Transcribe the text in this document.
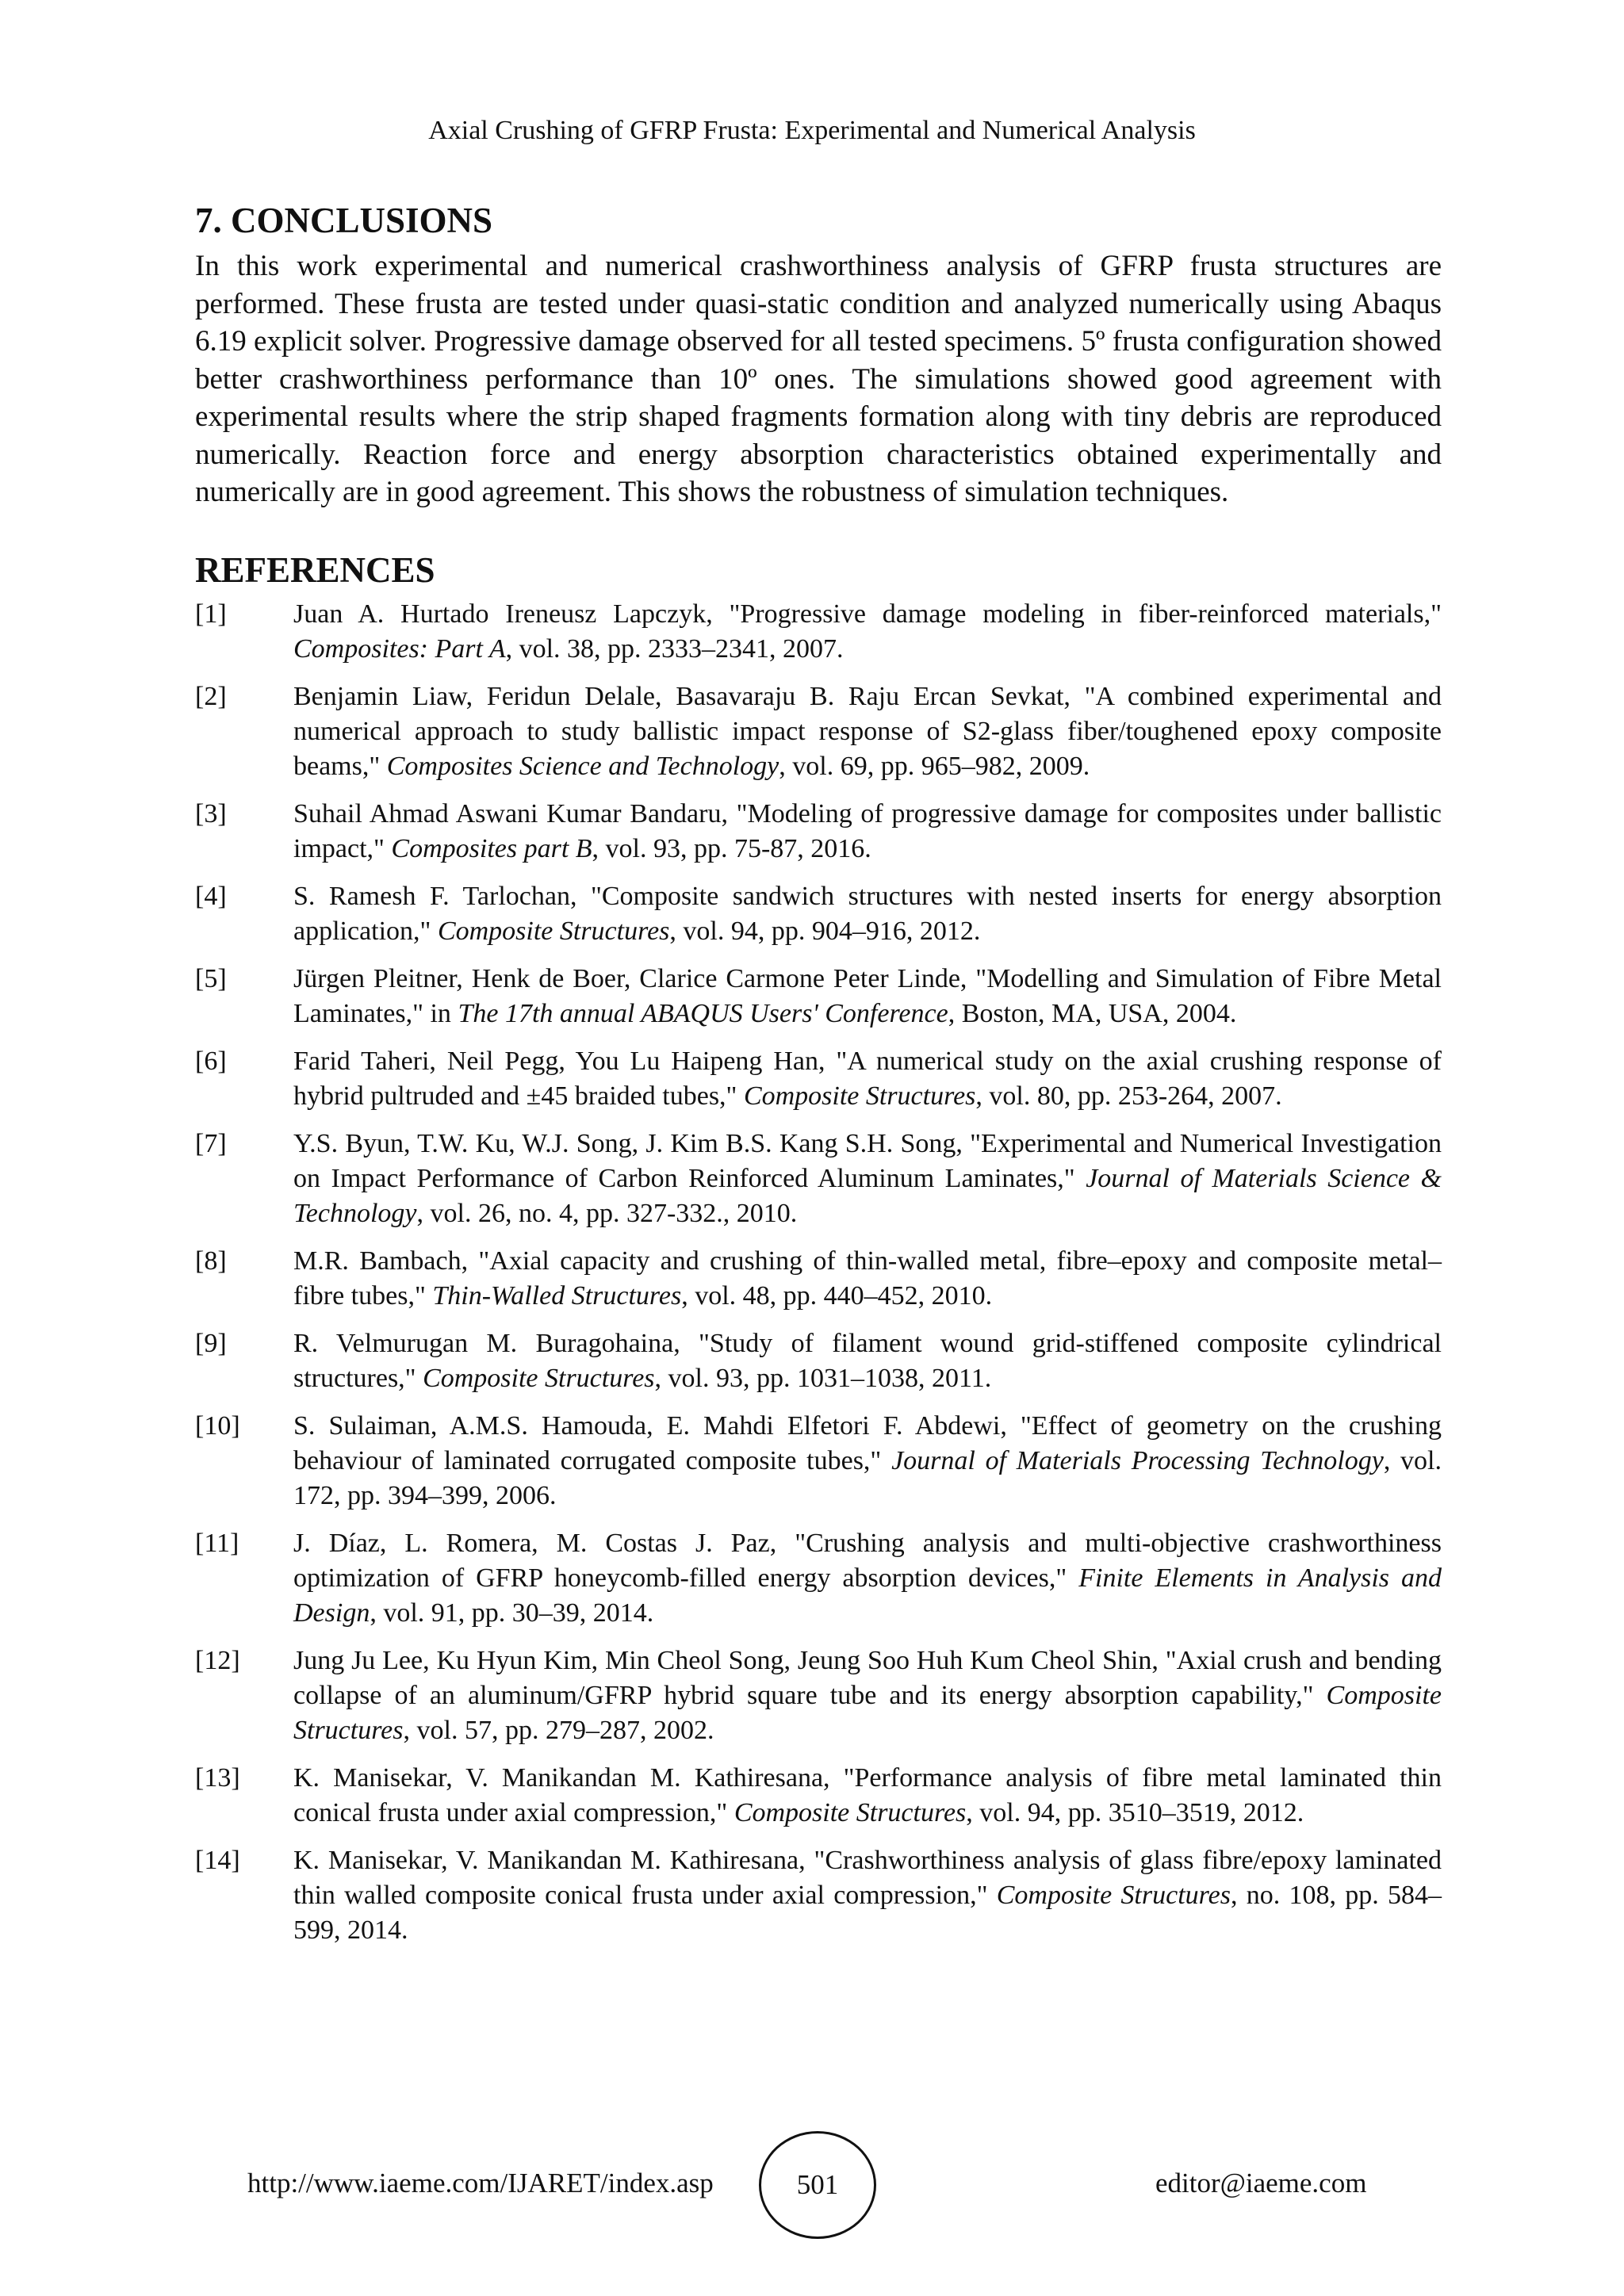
Axial Crushing of GFRP Frusta: Experimental and Numerical Analysis
7. CONCLUSIONS

In this work experimental and numerical crashworthiness analysis of GFRP frusta structures are performed. These frusta are tested under quasi-static condition and analyzed numerically using Abaqus 6.19 explicit solver. Progressive damage observed for all tested specimens. 5º frusta configuration showed better crashworthiness performance than 10º ones. The simulations showed good agreement with experimental results where the strip shaped fragments formation along with tiny debris are reproduced numerically. Reaction force and energy absorption characteristics obtained experimentally and numerically are in good agreement. This shows the robustness of simulation techniques.

REFERENCES
[1]	Juan A. Hurtado Ireneusz Lapczyk, "Progressive damage modeling in fiber-reinforced materials," Composites: Part A, vol. 38, pp. 2333–2341, 2007.
[2]	Benjamin Liaw, Feridun Delale, Basavaraju B. Raju Ercan Sevkat, "A combined experimental and numerical approach to study ballistic impact response of S2-glass fiber/toughened epoxy composite beams," Composites Science and Technology, vol. 69, pp. 965–982, 2009.
[3]	Suhail Ahmad Aswani Kumar Bandaru, "Modeling of progressive damage for composites under ballistic impact," Composites part B, vol. 93, pp. 75-87, 2016.
[4]	S. Ramesh F. Tarlochan, "Composite sandwich structures with nested inserts for energy absorption application," Composite Structures, vol. 94, pp. 904–916, 2012.
[5]	Jürgen Pleitner, Henk de Boer, Clarice Carmone Peter Linde, "Modelling and Simulation of Fibre Metal Laminates," in The 17th annual ABAQUS Users' Conference, Boston, MA, USA, 2004.
[6]	Farid Taheri, Neil Pegg, You Lu Haipeng Han, "A numerical study on the axial crushing response of hybrid pultruded and ±45 braided tubes," Composite Structures, vol. 80, pp. 253-264, 2007.
[7]	Y.S. Byun, T.W. Ku, W.J. Song, J. Kim B.S. Kang S.H. Song, "Experimental and Numerical Investigation on Impact Performance of Carbon Reinforced Aluminum Laminates," Journal of Materials Science & Technology, vol. 26, no. 4, pp. 327-332., 2010.
[8]	M.R. Bambach, "Axial capacity and crushing of thin-walled metal, fibre–epoxy and composite metal–fibre tubes," Thin-Walled Structures, vol. 48, pp. 440–452, 2010.
[9]	R. Velmurugan M. Buragohaina, "Study of filament wound grid-stiffened composite cylindrical structures," Composite Structures, vol. 93, pp. 1031–1038, 2011.
[10]	S. Sulaiman, A.M.S. Hamouda, E. Mahdi Elfetori F. Abdewi, "Effect of geometry on the crushing behaviour of laminated corrugated composite tubes," Journal of Materials Processing Technology, vol. 172, pp. 394–399, 2006.
[11]	J. Díaz, L. Romera, M. Costas J. Paz, "Crushing analysis and multi-objective crashworthiness optimization of GFRP honeycomb-filled energy absorption devices," Finite Elements in Analysis and Design, vol. 91, pp. 30–39, 2014.
[12]	Jung Ju Lee, Ku Hyun Kim, Min Cheol Song, Jeung Soo Huh Kum Cheol Shin, "Axial crush and bending collapse of an aluminum/GFRP hybrid square tube and its energy absorption capability," Composite Structures, vol. 57, pp. 279–287, 2002.
[13]	K. Manisekar, V. Manikandan M. Kathiresana, "Performance analysis of fibre metal laminated thin conical frusta under axial compression," Composite Structures, vol. 94, pp. 3510–3519, 2012.
[14]	K. Manisekar, V. Manikandan M. Kathiresana, "Crashworthiness analysis of glass fibre/epoxy laminated thin walled composite conical frusta under axial compression," Composite Structures, no. 108, pp. 584–599, 2014.
http://www.iaeme.com/IJARET/index.asp	501	editor@iaeme.com
